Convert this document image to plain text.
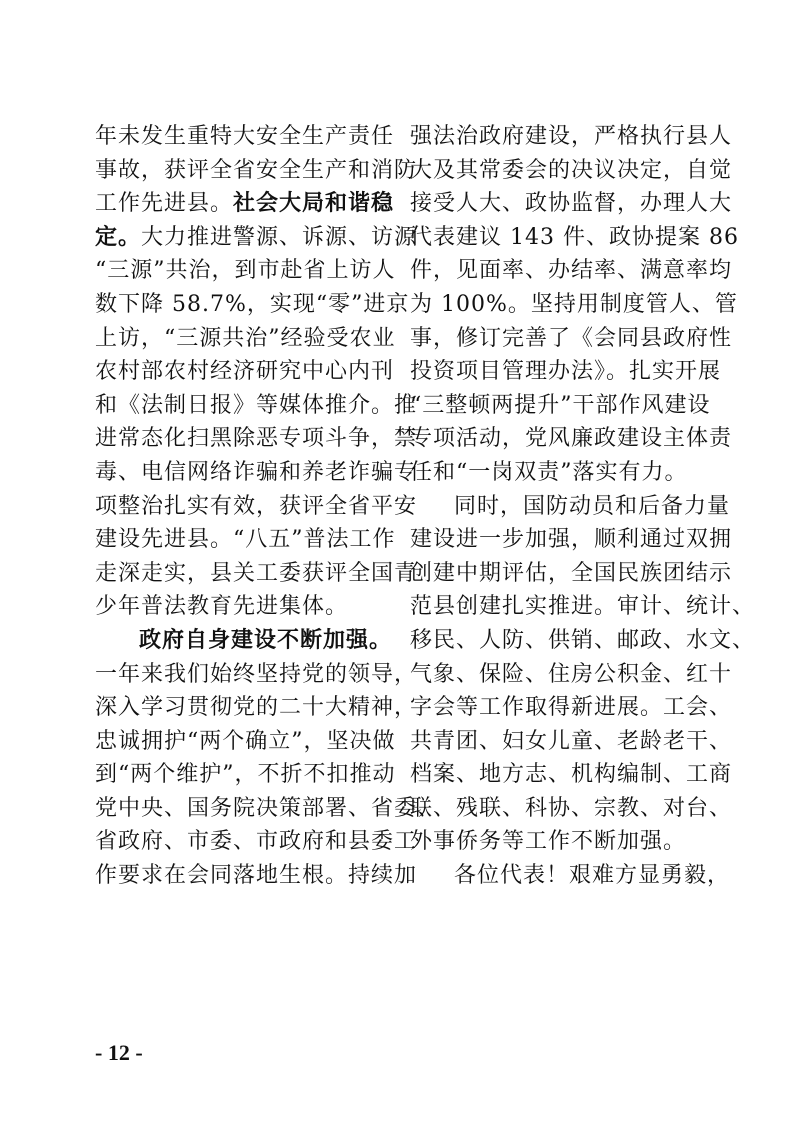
年未发生重特大安全生产责任
事故，获评全省安全生产和消防
工作先进县。社会大局和谐稳
定。大力推进警源、诉源、访源
“三源”共治，到市赴省上访人
数下降 58.7%，实现“零”进京
上访，“三源共治”经验受农业
农村部农村经济研究中心内刊
和《法制日报》等媒体推介。推
进常态化扫黑除恶专项斗争，禁
毒、电信网络诈骗和养老诈骗专
项整治扎实有效，获评全省平安
建设先进县。“八五”普法工作
走深走实，县关工委获评全国青
少年普法教育先进集体。
政府自身建设不断加强。
一年来我们始终坚持党的领导，
深入学习贯彻党的二十大精神，
忠诚拥护“两个确立”，坚决做
到“两个维护”，不折不扣推动
党中央、国务院决策部署、省委、
省政府、市委、市政府和县委工
作要求在会同落地生根。持续加
强法治政府建设，严格执行县人
大及其常委会的决议决定，自觉
接受人大、政协监督，办理人大
代表建议 143 件、政协提案 86
件，见面率、办结率、满意率均
为 100%。坚持用制度管人、管
事，修订完善了《会同县政府性
投资项目管理办法》。扎实开展
“三整顿两提升”干部作风建设
专项活动，党风廉政建设主体责
任和“一岗双责”落实有力。
同时，国防动员和后备力量
建设进一步加强，顺利通过双拥
创建中期评估，全国民族团结示
范县创建扎实推进。审计、统计、
移民、人防、供销、邮政、水文、
气象、保险、住房公积金、红十
字会等工作取得新进展。工会、
共青团、妇女儿童、老龄老干、
档案、地方志、机构编制、工商
联、残联、科协、宗教、对台、
外事侨务等工作不断加强。
各位代表！艰难方显勇毅，
- 12 -
